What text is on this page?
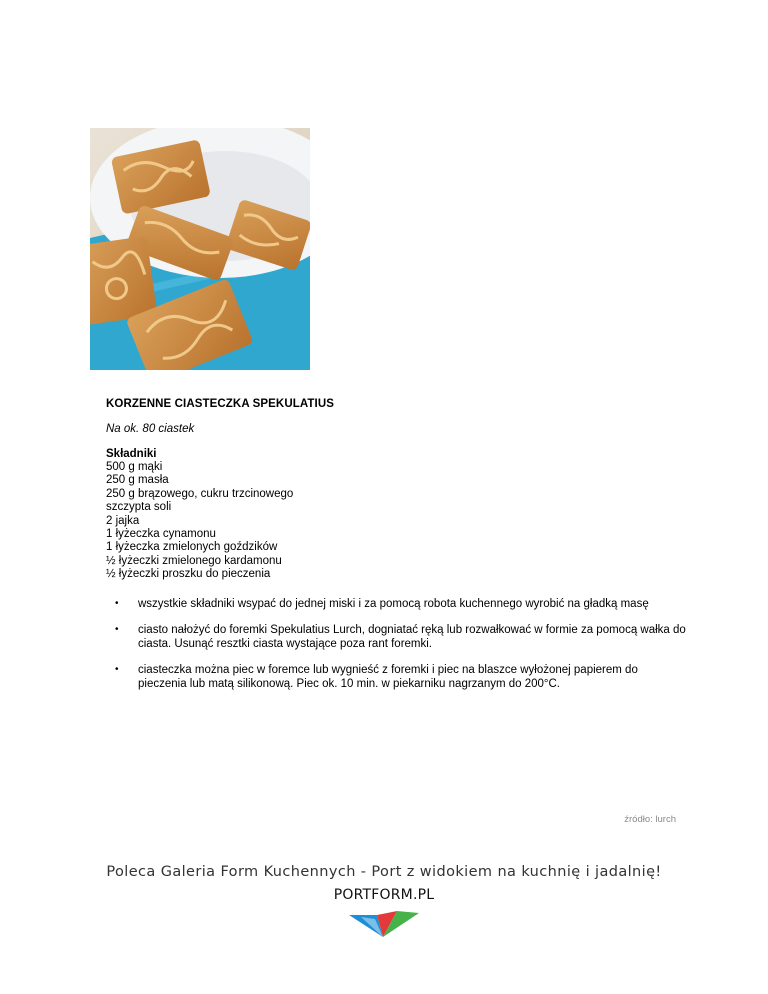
KORZENNE CIASTECZKA SPEKULATIUS
Na ok. 80 ciastek
Składniki
500 g mąki
250 g masła
250 g brązowego, cukru trzcinowego
szczypta soli
2 jajka
1 łyżeczka cynamonu
1 łyżeczka zmielonych goździków
½ łyżeczki zmielonego kardamonu
½ łyżeczki proszku do pieczenia
• wszystkie składniki wsypać do jednej miski i za pomocą robota kuchennego wyrobić na gładką masę
• ciasto nałożyć do foremki Spekulatius Lurch, dogniatać ręką lub rozwałkować w formie za pomocą wałka do ciasta. Usunąć resztki ciasta wystające poza rant foremki.
• ciasteczka można piec w foremce lub wygnieść z foremki i piec na blaszce wyłożonej papierem do pieczenia lub matą silikonową. Piec ok. 10 min. w piekarniku nagrzanym do 200°C.
źródło: lurch
Poleca Galeria Form Kuchennych - Port z widokiem na kuchnię i jadalnię!
PORTFORM.PL
